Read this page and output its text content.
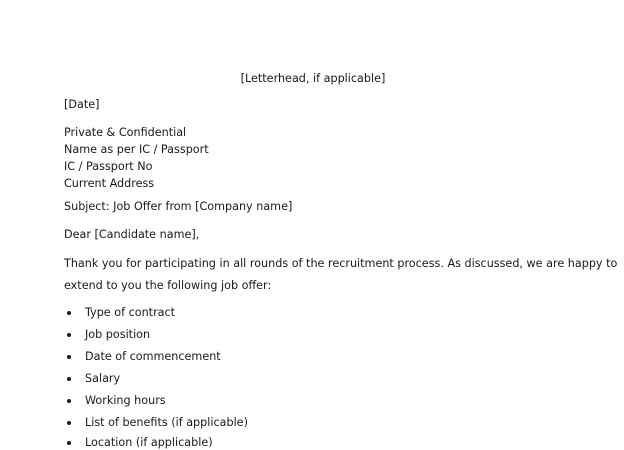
[Letterhead, if applicable]
[Date]
Private & Confidential
Name as per IC / Passport
IC / Passport No
Current Address
Subject: Job Offer from [Company name]
Dear [Candidate name],
Thank you for participating in all rounds of the recruitment process. As discussed, we are happy to
extend to you the following job offer:
Type of contract
Job position
Date of commencement
Salary
Working hours
List of benefits (if applicable)
Location (if applicable)
